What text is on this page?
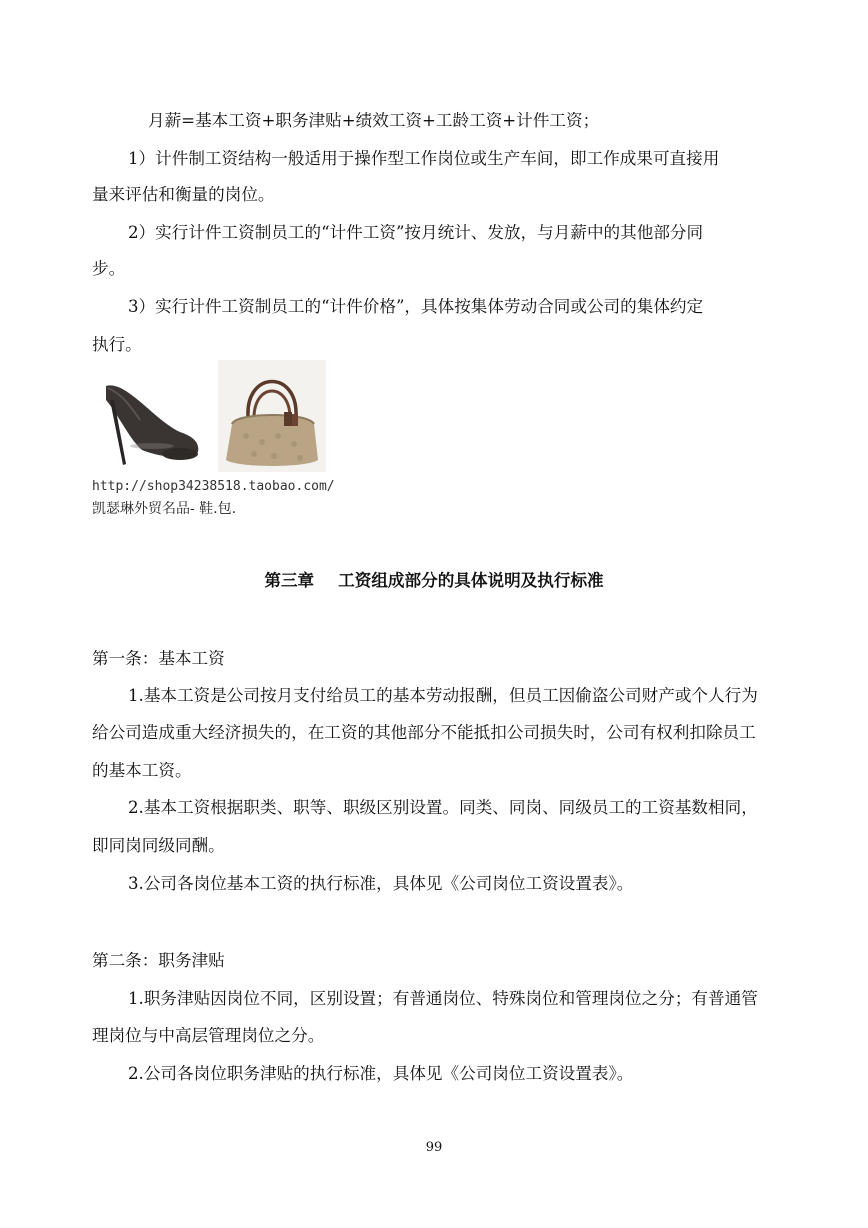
月薪=基本工资+职务津贴+绩效工资+工龄工资+计件工资；

1）计件制工资结构一般适用于操作型工作岗位或生产车间，即工作成果可直接用

量来评估和衡量的岗位。

2）实行计件工资制员工的“计件工资”按月统计、发放，与月薪中的其他部分同

步。

3）实行计件工资制员工的“计件价格”，具体按集体劳动合同或公司的集体约定

执行。

http://shop34238518.taobao.com/

凯瑟琳外贸名品- 鞋.包.

第三章 工资组成部分的具体说明及执行标准

第一条：基本工资

1.基本工资是公司按月支付给员工的基本劳动报酬，但员工因偷盗公司财产或个人行为

给公司造成重大经济损失的，在工资的其他部分不能抵扣公司损失时，公司有权利扣除员工

的基本工资。

2.基本工资根据职类、职等、职级区别设置。同类、同岗、同级员工的工资基数相同，

即同岗同级同酬。

3.公司各岗位基本工资的执行标准，具体见《公司岗位工资设置表》。

第二条：职务津贴

1.职务津贴因岗位不同，区别设置；有普通岗位、特殊岗位和管理岗位之分；有普通管

理岗位与中高层管理岗位之分。

2.公司各岗位职务津贴的执行标准，具体见《公司岗位工资设置表》。

99
